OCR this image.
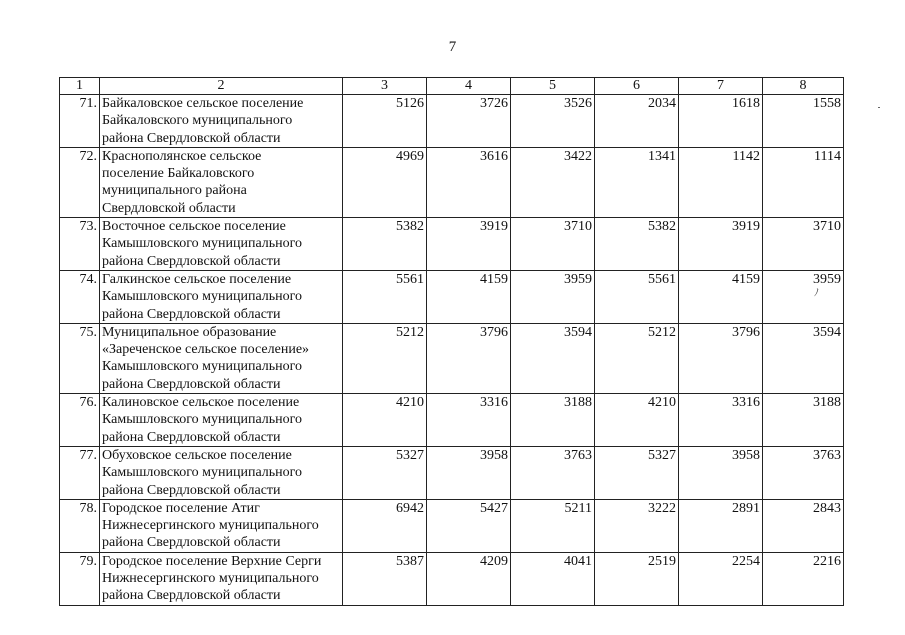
7
1	2	3	4	5	6	7	8
71.	Байкаловское сельское поселение
Байкаловского муниципального
района Свердловской области	5126	3726	3526	2034	1618	1558
72.	Краснополянское сельское
поселение Байкаловского
муниципального района
Свердловской области	4969	3616	3422	1341	1142	1114
73.	Восточное сельское поселение
Камышловского муниципального
района Свердловской области	5382	3919	3710	5382	3919	3710
74.	Галкинское сельское поселение
Камышловского муниципального
района Свердловской области	5561	4159	3959	5561	4159	3959
75.	Муниципальное образование
«Зареченское сельское поселение»
Камышловского муниципального
района Свердловской области	5212	3796	3594	5212	3796	3594
76.	Калиновское сельское поселение
Камышловского муниципального
района Свердловской области	4210	3316	3188	4210	3316	3188
77.	Обуховское сельское поселение
Камышловского муниципального
района Свердловской области	5327	3958	3763	5327	3958	3763
78.	Городское поселение Атиг
Нижнесергинского муниципального
района Свердловской области	6942	5427	5211	3222	2891	2843
79.	Городское поселение Верхние Серги
Нижнесергинского муниципального
района Свердловской области	5387	4209	4041	2519	2254	2216
ﾉ
